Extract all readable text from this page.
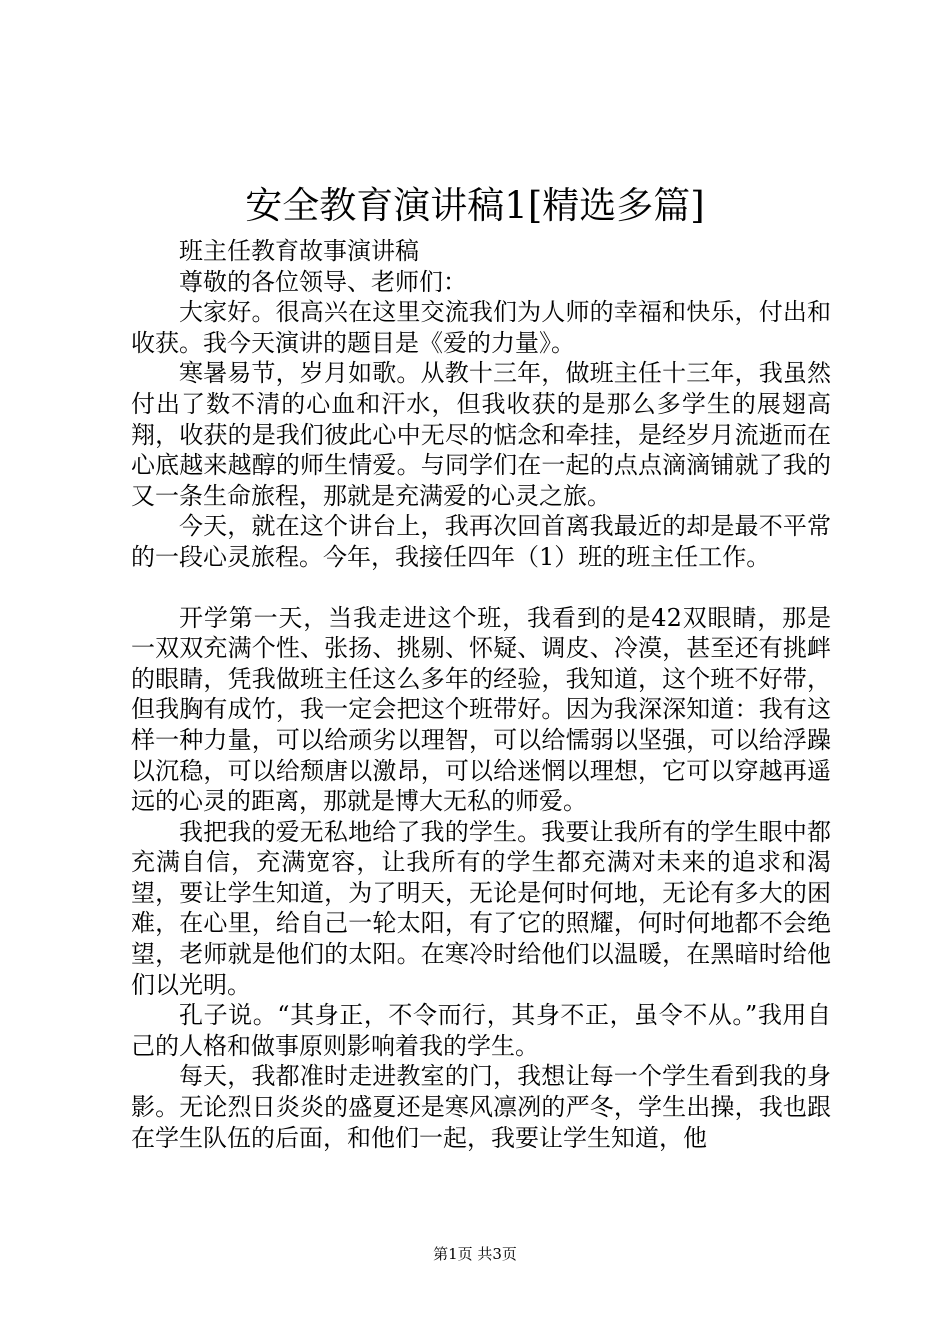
安全教育演讲稿1[精选多篇]

班主任教育故事演讲稿

尊敬的各位领导、老师们：

大家好。很高兴在这里交流我们为人师的幸福和快乐，付出和收获。我今天演讲的题目是《爱的力量》。

寒暑易节，岁月如歌。从教十三年，做班主任十三年，我虽然付出了数不清的心血和汗水，但我收获的是那么多学生的展翅高翔，收获的是我们彼此心中无尽的惦念和牵挂，是经岁月流逝而在心底越来越醇的师生情爱。与同学们在一起的点点滴滴铺就了我的又一条生命旅程，那就是充满爱的心灵之旅。

今天，就在这个讲台上，我再次回首离我最近的却是最不平常的一段心灵旅程。今年，我接任四年（1）班的班主任工作。

开学第一天，当我走进这个班，我看到的是42双眼睛，那是一双双充满个性、张扬、挑剔、怀疑、调皮、冷漠，甚至还有挑衅的眼睛，凭我做班主任这么多年的经验，我知道，这个班不好带，但我胸有成竹，我一定会把这个班带好。因为我深深知道：我有这样一种力量，可以给顽劣以理智，可以给懦弱以坚强，可以给浮躁以沉稳，可以给颓唐以激昂，可以给迷惘以理想，它可以穿越再遥远的心灵的距离，那就是博大无私的师爱。

我把我的爱无私地给了我的学生。我要让我所有的学生眼中都充满自信，充满宽容，让我所有的学生都充满对未来的追求和渴望，要让学生知道，为了明天，无论是何时何地，无论有多大的困难，在心里，给自己一轮太阳，有了它的照耀，何时何地都不会绝望，老师就是他们的太阳。在寒冷时给他们以温暖，在黑暗时给他们以光明。

孔子说。“其身正，不令而行，其身不正，虽令不从。”我用自己的人格和做事原则影响着我的学生。

每天，我都准时走进教室的门，我想让每一个学生看到我的身影。无论烈日炎炎的盛夏还是寒风凛冽的严冬，学生出操，我也跟在学生队伍的后面，和他们一起，我要让学生知道，他

第1页 共3页
